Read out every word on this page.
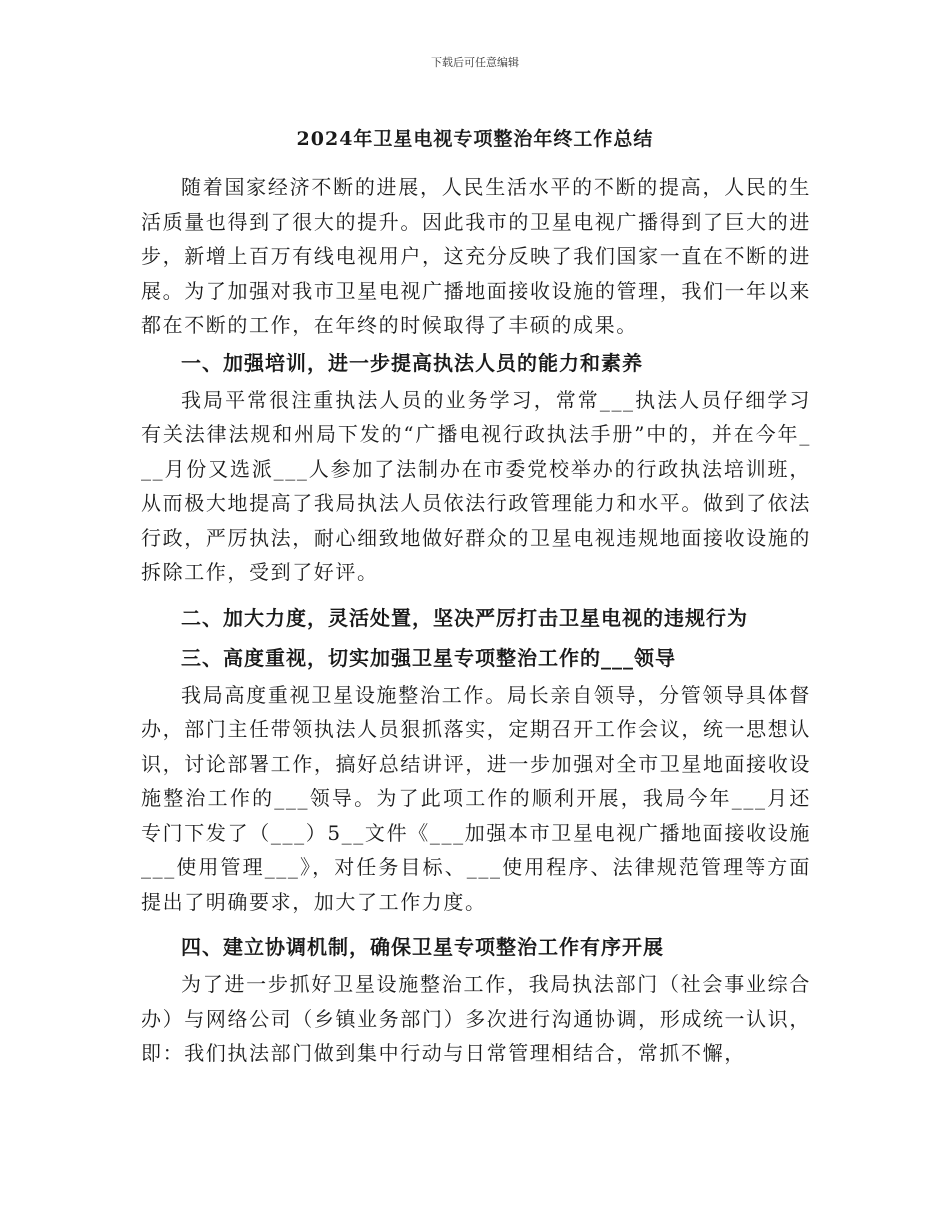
下载后可任意编辑
2024年卫星电视专项整治年终工作总结

随着国家经济不断的进展，人民生活水平的不断的提高，人民的生活质量也得到了很大的提升。因此我市的卫星电视广播得到了巨大的进步，新增上百万有线电视用户，这充分反映了我们国家一直在不断的进展。为了加强对我市卫星电视广播地面接收设施的管理，我们一年以来都在不断的工作，在年终的时候取得了丰硕的成果。

一、加强培训，进一步提高执法人员的能力和素养

我局平常很注重执法人员的业务学习，常常___执法人员仔细学习有关法律法规和州局下发的“广播电视行政执法手册”中的，并在今年___月份又选派___人参加了法制办在市委党校举办的行政执法培训班，从而极大地提高了我局执法人员依法行政管理能力和水平。做到了依法行政，严厉执法，耐心细致地做好群众的卫星电视违规地面接收设施的拆除工作，受到了好评。

二、加大力度，灵活处置，坚决严厉打击卫星电视的违规行为

三、高度重视，切实加强卫星专项整治工作的___领导

我局高度重视卫星设施整治工作。局长亲自领导，分管领导具体督办，部门主任带领执法人员狠抓落实，定期召开工作会议，统一思想认识，讨论部署工作，搞好总结讲评，进一步加强对全市卫星地面接收设施整治工作的___领导。为了此项工作的顺利开展，我局今年___月还专门下发了（___）5__文件《___加强本市卫星电视广播地面接收设施___使用管理___》，对任务目标、___使用程序、法律规范管理等方面提出了明确要求，加大了工作力度。

四、建立协调机制，确保卫星专项整治工作有序开展

为了进一步抓好卫星设施整治工作，我局执法部门（社会事业综合办）与网络公司（乡镇业务部门）多次进行沟通协调，形成统一认识，即：我们执法部门做到集中行动与日常管理相结合，常抓不懈，
